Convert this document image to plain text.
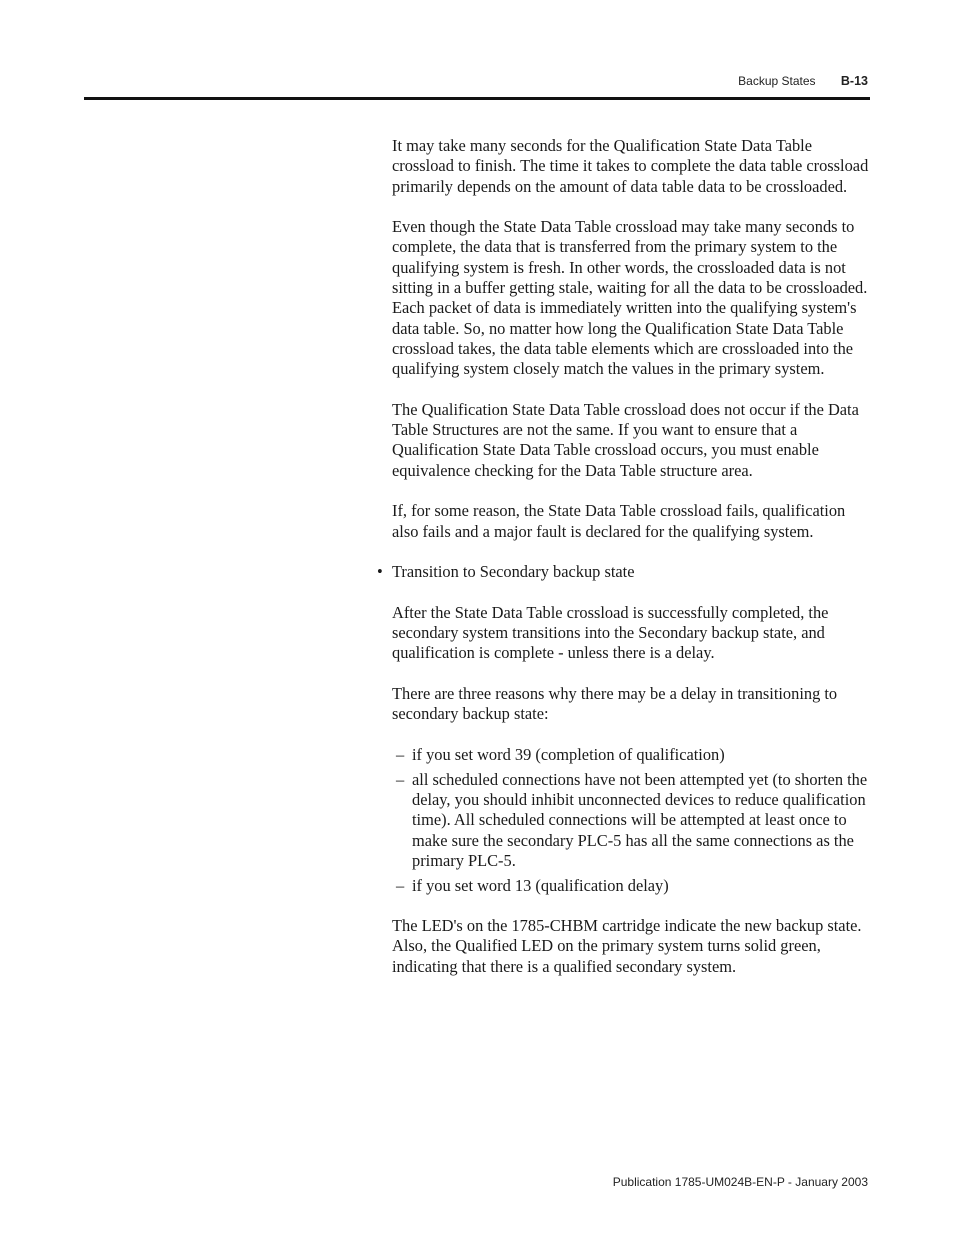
Backup States B-13

It may take many seconds for the Qualification State Data Table crossload to finish. The time it takes to complete the data table crossload primarily depends on the amount of data table data to be crossloaded.

Even though the State Data Table crossload may take many seconds to complete, the data that is transferred from the primary system to the qualifying system is fresh. In other words, the crossloaded data is not sitting in a buffer getting stale, waiting for all the data to be crossloaded. Each packet of data is immediately written into the qualifying system's data table. So, no matter how long the Qualification State Data Table crossload takes, the data table elements which are crossloaded into the qualifying system closely match the values in the primary system.

The Qualification State Data Table crossload does not occur if the Data Table Structures are not the same. If you want to ensure that a Qualification State Data Table crossload occurs, you must enable equivalence checking for the Data Table structure area.

If, for some reason, the State Data Table crossload fails, qualification also fails and a major fault is declared for the qualifying system.

• Transition to Secondary backup state

After the State Data Table crossload is successfully completed, the secondary system transitions into the Secondary backup state, and qualification is complete - unless there is a delay.

There are three reasons why there may be a delay in transitioning to secondary backup state:

– if you set word 39 (completion of qualification)
– all scheduled connections have not been attempted yet (to shorten the delay, you should inhibit unconnected devices to reduce qualification time). All scheduled connections will be attempted at least once to make sure the secondary PLC-5 has all the same connections as the primary PLC-5.
– if you set word 13 (qualification delay)

The LED's on the 1785-CHBM cartridge indicate the new backup state. Also, the Qualified LED on the primary system turns solid green, indicating that there is a qualified secondary system.

Publication 1785-UM024B-EN-P - January 2003
